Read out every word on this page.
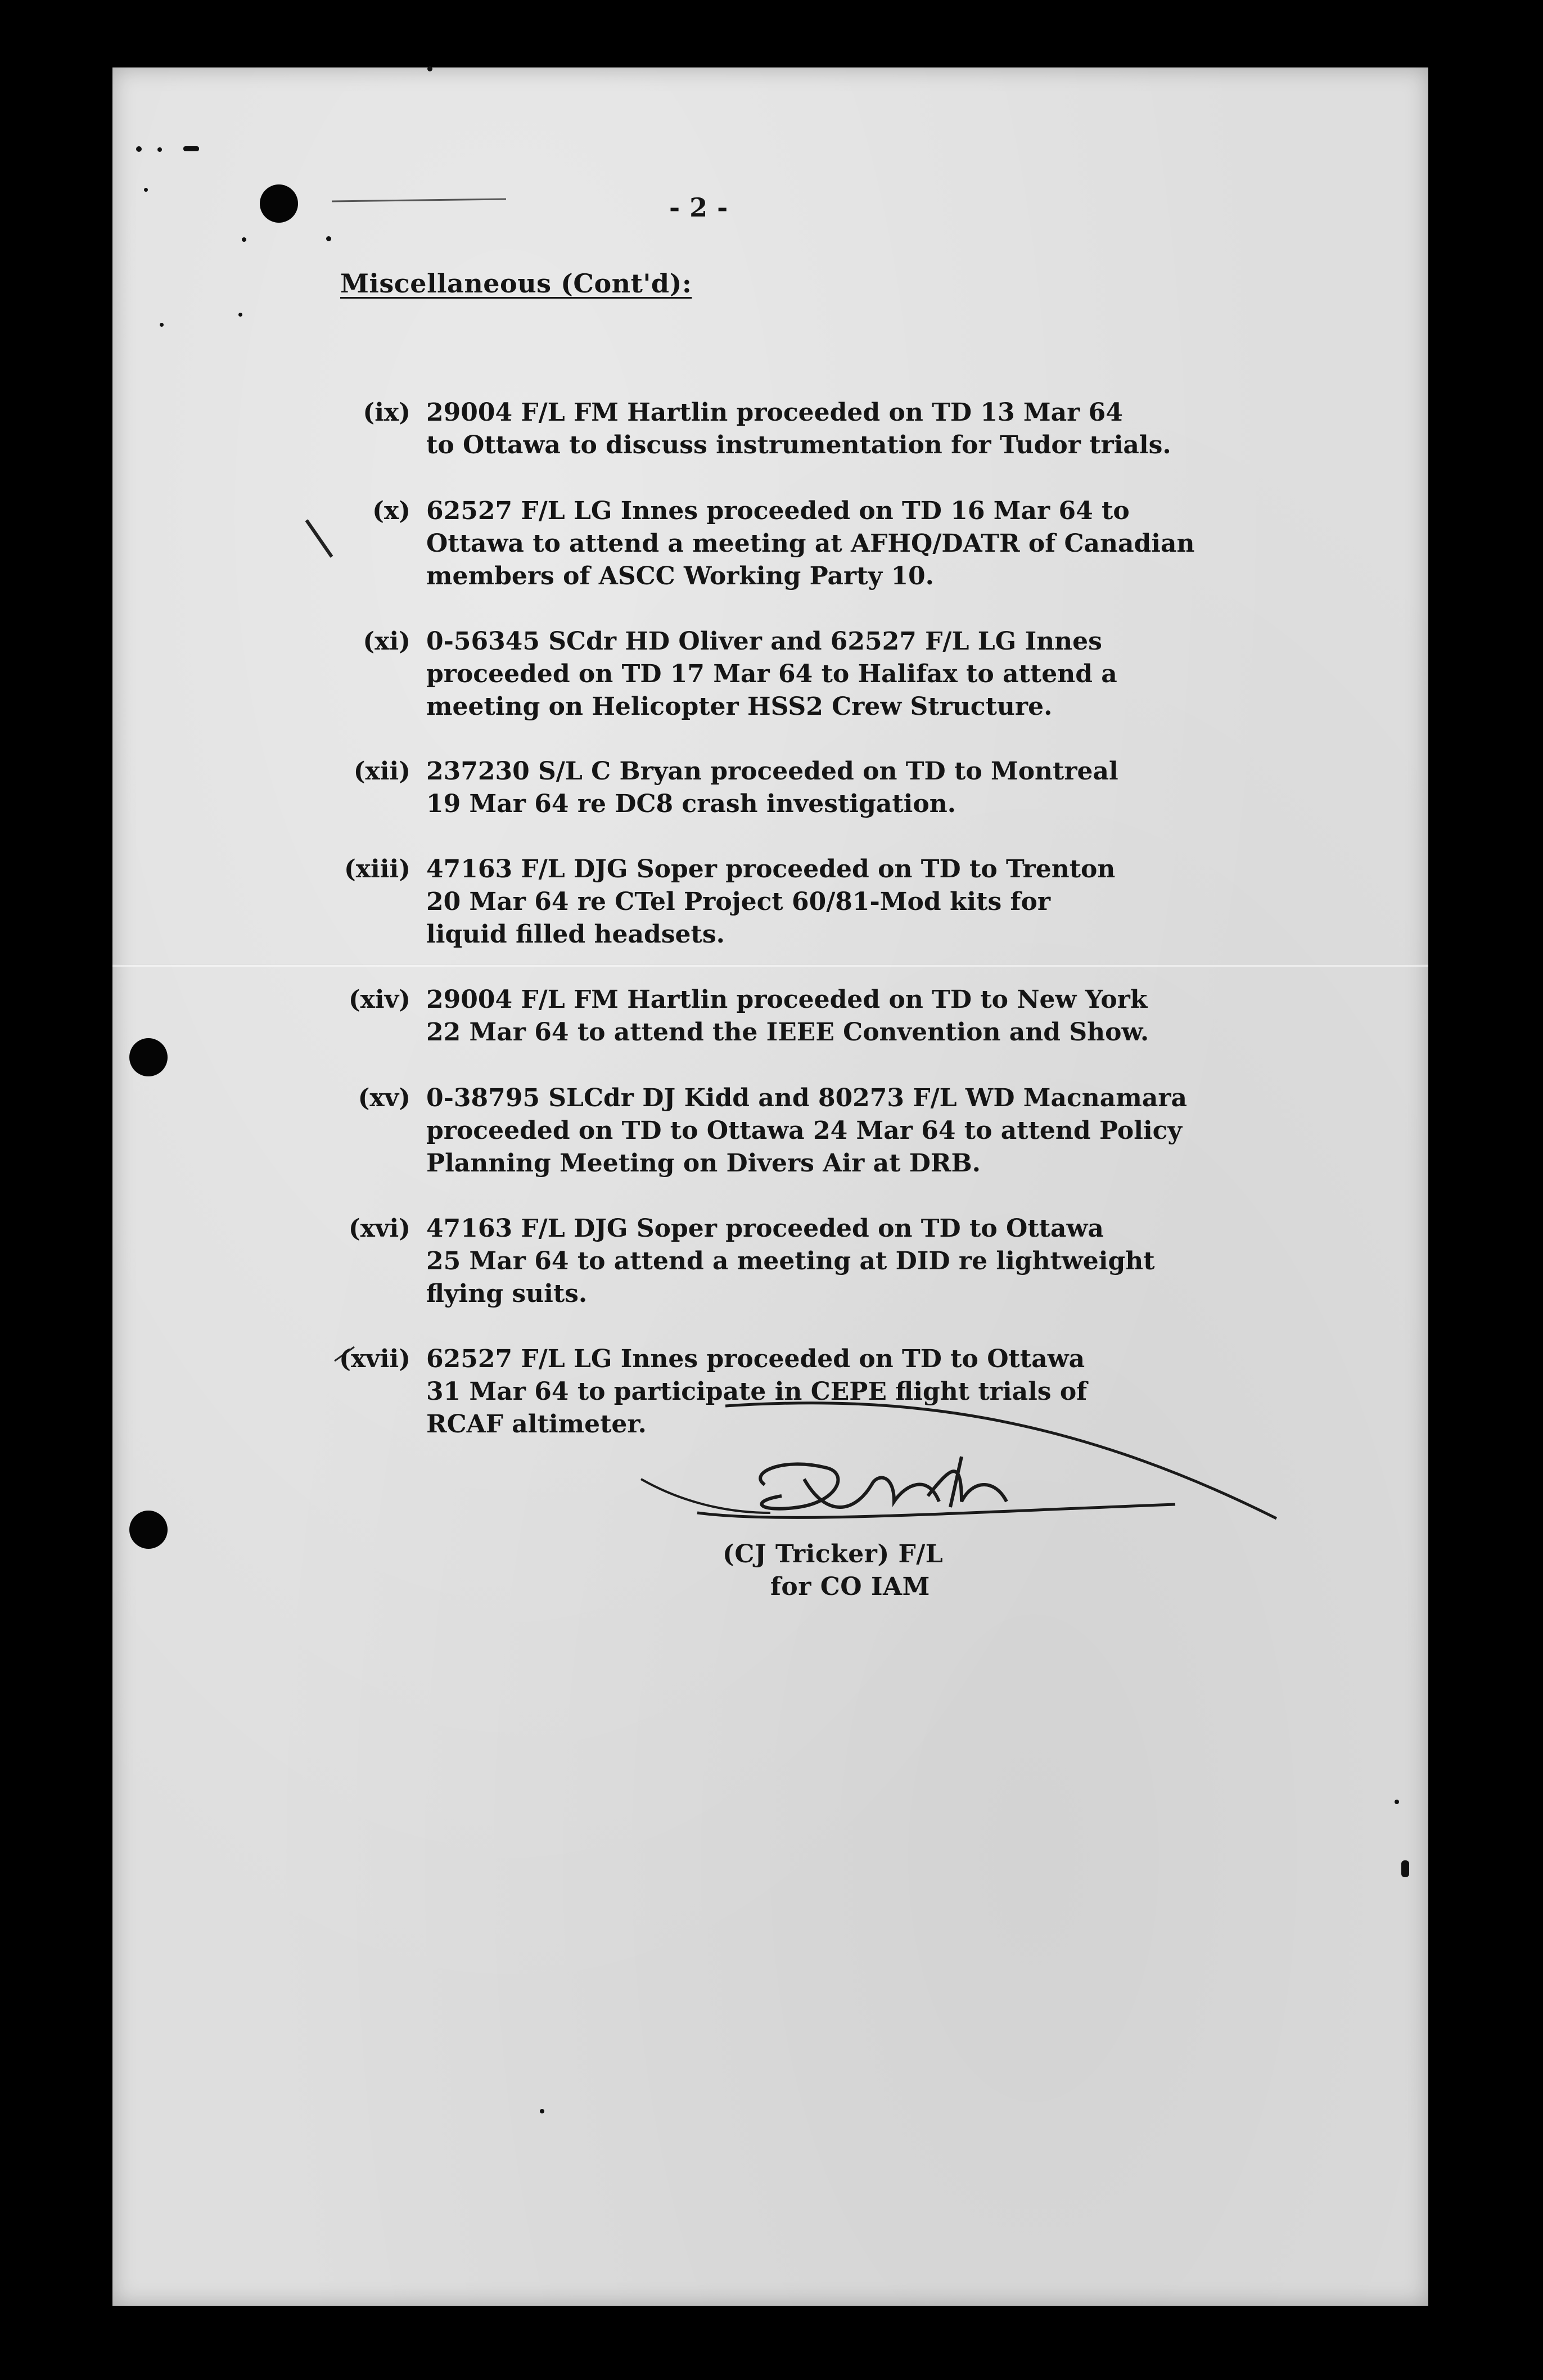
- 2 -
Miscellaneous (Cont'd):
(ix) 29004 F/L FM Hartlin proceeded on TD 13 Mar 64
to Ottawa to discuss instrumentation for Tudor trials.
(x) 62527 F/L LG Innes proceeded on TD 16 Mar 64 to
Ottawa to attend a meeting at AFHQ/DATR of Canadian
members of ASCC Working Party 10.
(xi) 0-56345 SCdr HD Oliver and 62527 F/L LG Innes
proceeded on TD 17 Mar 64 to Halifax to attend a
meeting on Helicopter HSS2 Crew Structure.
(xii) 237230 S/L C Bryan proceeded on TD to Montreal
19 Mar 64 re DC8 crash investigation.
(xiii) 47163 F/L DJG Soper proceeded on TD to Trenton
20 Mar 64 re CTel Project 60/81-Mod kits for
liquid filled headsets.
(xiv) 29004 F/L FM Hartlin proceeded on TD to New York
22 Mar 64 to attend the IEEE Convention and Show.
(xv) 0-38795 SLCdr DJ Kidd and 80273 F/L WD Macnamara
proceeded on TD to Ottawa 24 Mar 64 to attend Policy
Planning Meeting on Divers Air at DRB.
(xvi) 47163 F/L DJG Soper proceeded on TD to Ottawa
25 Mar 64 to attend a meeting at DID re lightweight
flying suits.
(xvii) 62527 F/L LG Innes proceeded on TD to Ottawa
31 Mar 64 to participate in CEPE flight trials of
RCAF altimeter.
(CJ Tricker) F/L
for CO IAM
